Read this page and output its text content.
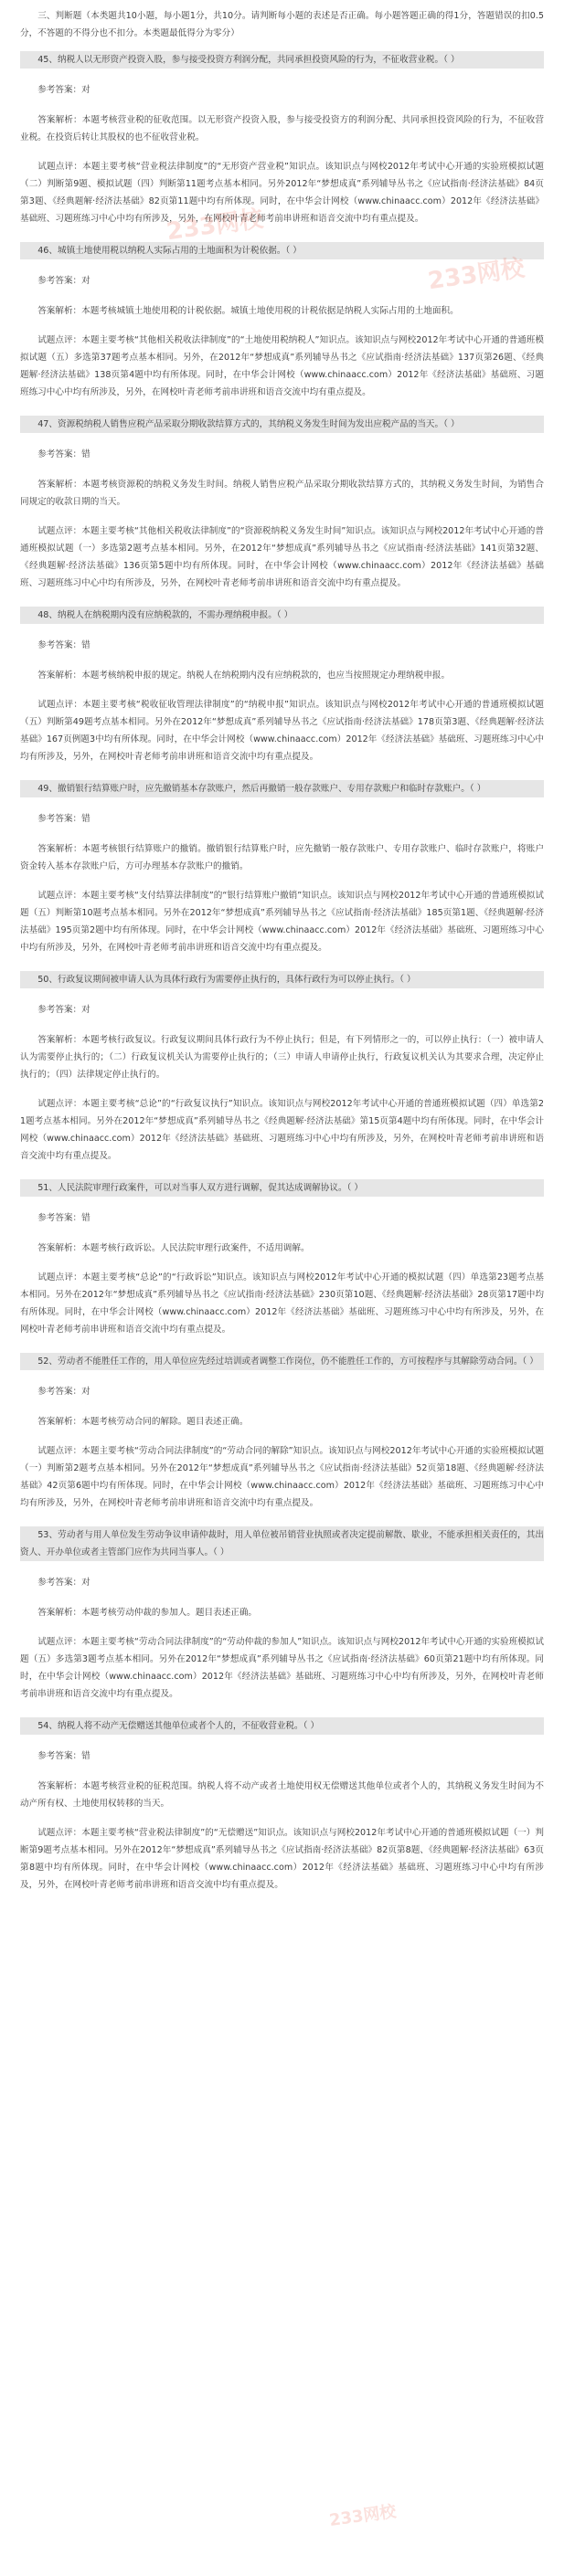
233网校
233网校
233网校

三、判断题（本类题共10小题，每小题1分，共10分。请判断每小题的表述是否正确。每小题答题正确的得1分，答题错误的扣0.5分，不答题的不得分也不扣分。本类题最低得分为零分）

45、纳税人以无形资产投资入股，参与接受投资方利润分配，共同承担投资风险的行为，不征收营业税。（ ）

参考答案：对

答案解析：本题考核营业税的征收范围。以无形资产投资入股，参与接受投资方的利润分配、共同承担投资风险的行为，不征收营业税。在投资后转让其股权的也不征收营业税。

试题点评：本题主要考核“营业税法律制度”的“无形资产营业税”知识点。该知识点与网校2012年考试中心开通的实验班模拟试题（二）判断第9题、模拟试题（四）判断第11题考点基本相同。另外2012年“梦想成真”系列辅导丛书之《应试指南·经济法基础》84页第3题、《经典题解·经济法基础》82页第11题中均有所体现。同时，在中华会计网校（www.chinaacc.com）2012年《经济法基础》基础班、习题班练习中心中均有所涉及，另外，在网校叶青老师考前串讲班和语音交流中均有重点提及。

46、城镇土地使用税以纳税人实际占用的土地面积为计税依据。（ ）

参考答案：对

答案解析：本题考核城镇土地使用税的计税依据。城镇土地使用税的计税依据是纳税人实际占用的土地面积。

试题点评：本题主要考核“其他相关税收法律制度”的“土地使用税纳税人”知识点。该知识点与网校2012年考试中心开通的普通班模拟试题（五）多选第37题考点基本相同。另外，在2012年“梦想成真”系列辅导丛书之《应试指南·经济法基础》137页第26题、《经典题解·经济法基础》138页第4题中均有所体现。同时，在中华会计网校（www.chinaacc.com）2012年《经济法基础》基础班、习题班练习中心中均有所涉及，另外，在网校叶青老师考前串讲班和语音交流中均有重点提及。

47、资源税纳税人销售应税产品采取分期收款结算方式的，其纳税义务发生时间为发出应税产品的当天。（ ）

参考答案：错

答案解析：本题考核资源税的纳税义务发生时间。纳税人销售应税产品采取分期收款结算方式的，其纳税义务发生时间，为销售合同规定的收款日期的当天。

试题点评：本题主要考核“其他相关税收法律制度”的“资源税纳税义务发生时间”知识点。该知识点与网校2012年考试中心开通的普通班模拟试题（一）多选第2题考点基本相同。另外，在2012年“梦想成真”系列辅导丛书之《应试指南·经济法基础》141页第32题、《经典题解·经济法基础》136页第5题中均有所体现。同时，在中华会计网校（www.chinaacc.com）2012年《经济法基础》基础班、习题班练习中心中均有所涉及，另外，在网校叶青老师考前串讲班和语音交流中均有重点提及。

48、纳税人在纳税期内没有应纳税款的，不需办理纳税申报。（ ）

参考答案：错

答案解析：本题考核纳税申报的规定。纳税人在纳税期内没有应纳税款的，也应当按照规定办理纳税申报。

试题点评：本题主要考核“税收征收管理法律制度”的“纳税申报”知识点。该知识点与网校2012年考试中心开通的普通班模拟试题（五）判断第49题考点基本相同。另外在2012年“梦想成真”系列辅导丛书之《应试指南·经济法基础》178页第3题、《经典题解·经济法基础》167页例题3中均有所体现。同时，在中华会计网校（www.chinaacc.com）2012年《经济法基础》基础班、习题班练习中心中均有所涉及，另外，在网校叶青老师考前串讲班和语音交流中均有重点提及。

49、撤销银行结算账户时，应先撤销基本存款账户，然后再撤销一般存款账户、专用存款账户和临时存款账户。（ ）

参考答案：错

答案解析：本题考核银行结算账户的撤销。撤销银行结算账户时，应先撤销一般存款账户、专用存款账户、临时存款账户，将账户资金转入基本存款账户后，方可办理基本存款账户的撤销。

试题点评：本题主要考核“支付结算法律制度”的“银行结算账户撤销”知识点。该知识点与网校2012年考试中心开通的普通班模拟试题（五）判断第10题考点基本相同。另外在2012年“梦想成真”系列辅导丛书之《应试指南·经济法基础》185页第1题、《经典题解·经济法基础》195页第2题中均有所体现。同时，在中华会计网校（www.chinaacc.com）2012年《经济法基础》基础班、习题班练习中心中均有所涉及，另外，在网校叶青老师考前串讲班和语音交流中均有重点提及。

50、行政复议期间被申请人认为具体行政行为需要停止执行的，具体行政行为可以停止执行。（ ）

参考答案：对

答案解析：本题考核行政复议。行政复议期间具体行政行为不停止执行；但是，有下列情形之一的，可以停止执行：（一）被申请人认为需要停止执行的；（二）行政复议机关认为需要停止执行的；（三）申请人申请停止执行，行政复议机关认为其要求合理，决定停止执行的；（四）法律规定停止执行的。

试题点评：本题主要考核“总论”的“行政复议执行”知识点。该知识点与网校2012年考试中心开通的普通班模拟试题（四）单选第21题考点基本相同。另外在2012年“梦想成真”系列辅导丛书之《经典题解·经济法基础》第15页第4题中均有所体现。同时，在中华会计网校（www.chinaacc.com）2012年《经济法基础》基础班、习题班练习中心中均有所涉及，另外，在网校叶青老师考前串讲班和语音交流中均有重点提及。

51、人民法院审理行政案件，可以对当事人双方进行调解，促其达成调解协议。（ ）

参考答案：错

答案解析：本题考核行政诉讼。人民法院审理行政案件，不适用调解。

试题点评：本题主要考核“总论”的“行政诉讼”知识点。该知识点与网校2012年考试中心开通的模拟试题（四）单选第23题考点基本相同。另外在2012年“梦想成真”系列辅导丛书之《应试指南·经济法基础》230页第10题、《经典题解·经济法基础》28页第17题中均有所体现。同时，在中华会计网校（www.chinaacc.com）2012年《经济法基础》基础班、习题班练习中心中均有所涉及，另外，在网校叶青老师考前串讲班和语音交流中均有重点提及。

52、劳动者不能胜任工作的，用人单位应先经过培训或者调整工作岗位，仍不能胜任工作的，方可按程序与其解除劳动合同。（ ）

参考答案：对

答案解析：本题考核劳动合同的解除。题目表述正确。

试题点评：本题主要考核“劳动合同法律制度”的“劳动合同的解除”知识点。该知识点与网校2012年考试中心开通的实验班模拟试题（一）判断第2题考点基本相同。另外在2012年“梦想成真”系列辅导丛书之《应试指南·经济法基础》52页第18题、《经典题解·经济法基础》42页第6题中均有所体现。同时，在中华会计网校（www.chinaacc.com）2012年《经济法基础》基础班、习题班练习中心中均有所涉及，另外，在网校叶青老师考前串讲班和语音交流中均有重点提及。

53、劳动者与用人单位发生劳动争议申请仲裁时，用人单位被吊销营业执照或者决定提前解散、歇业，不能承担相关责任的，其出资人、开办单位或者主管部门应作为共同当事人。（ ）

参考答案：对

答案解析：本题考核劳动仲裁的参加人。题目表述正确。

试题点评：本题主要考核“劳动合同法律制度”的“劳动仲裁的参加人”知识点。该知识点与网校2012年考试中心开通的实验班模拟试题（五）多选第3题考点基本相同。另外在2012年“梦想成真”系列辅导丛书之《应试指南·经济法基础》60页第21题中均有所体现。同时，在中华会计网校（www.chinaacc.com）2012年《经济法基础》基础班、习题班练习中心中均有所涉及，另外，在网校叶青老师考前串讲班和语音交流中均有重点提及。

54、纳税人将不动产无偿赠送其他单位或者个人的，不征收营业税。（ ）

参考答案：错

答案解析：本题考核营业税的征税范围。纳税人将不动产或者土地使用权无偿赠送其他单位或者个人的，其纳税义务发生时间为不动产所有权、土地使用权转移的当天。

试题点评：本题主要考核“营业税法律制度”的“无偿赠送”知识点。该知识点与网校2012年考试中心开通的普通班模拟试题（一）判断第9题考点基本相同。另外在2012年“梦想成真”系列辅导丛书之《应试指南·经济法基础》82页第8题、《经典题解·经济法基础》63页第8题中均有所体现。同时，在中华会计网校（www.chinaacc.com）2012年《经济法基础》基础班、习题班练习中心中均有所涉及，另外，在网校叶青老师考前串讲班和语音交流中均有重点提及。
